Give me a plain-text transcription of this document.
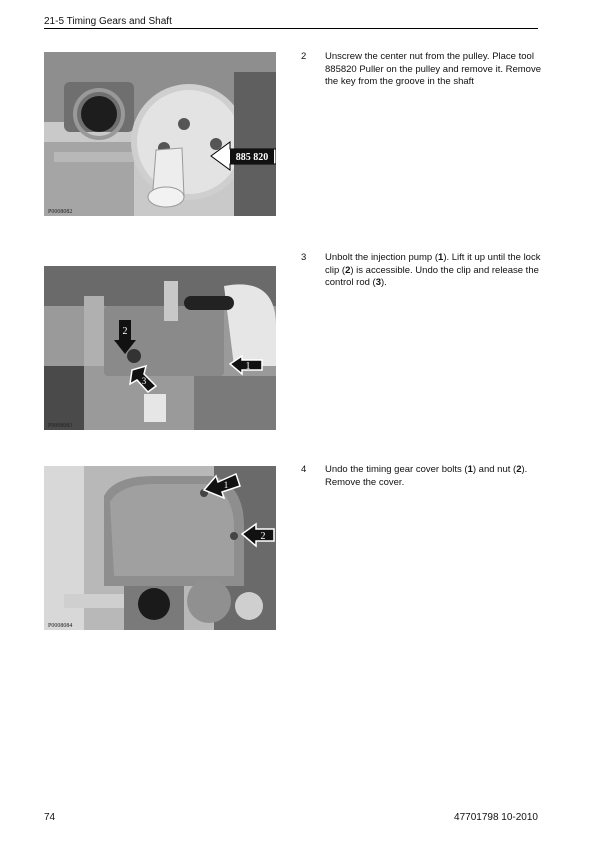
21-5 Timing Gears and Shaft
885 820
P0008082
2 Unscrew the center nut from the pulley. Place tool 885820 Puller on the pulley and remove it. Remove the key from the groove in the shaft
2
1
3
P0008083
3 Unbolt the injection pump (1). Lift it up until the lock clip (2) is accessible. Undo the clip and release the control rod (3).
1
2
P0008084
4 Undo the timing gear cover bolts (1) and nut (2). Remove the cover.
74	47701798 10-2010
